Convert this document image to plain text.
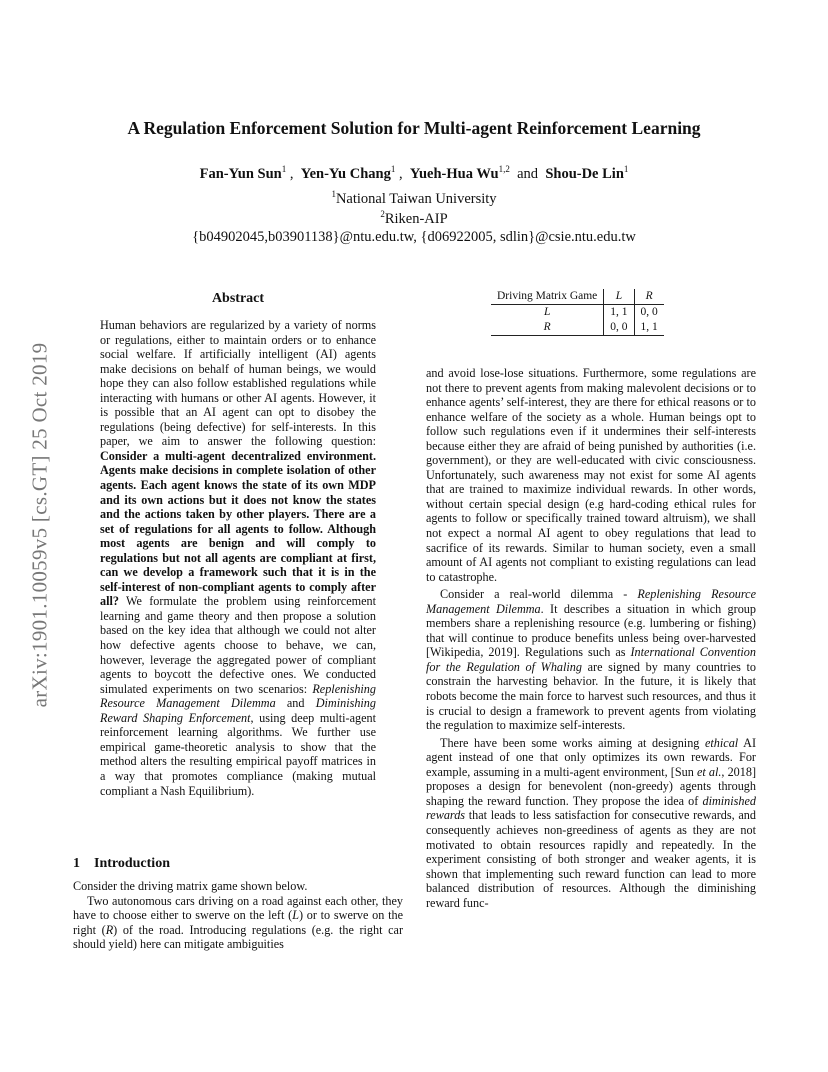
arXiv:1901.10059v5 [cs.GT] 25 Oct 2019
A Regulation Enforcement Solution for Multi-agent Reinforcement Learning
Fan-Yun Sun$^1$ ,  Yen-Yu Chang$^1$ ,  Yueh-Hua Wu$^{1,2}$ and Shou-De Lin$^1$
$^1$National Taiwan University
$^2$Riken-AIP
{b04902045,b03901138}@ntu.edu.tw, {d06922005, sdlin}@csie.ntu.edu.tw
Abstract

Human behaviors are regularized by a variety of norms or regulations, either to maintain orders or to enhance social welfare. If artificially intelligent (AI) agents make decisions on behalf of human beings, we would hope they can also follow established regulations while interacting with humans or other AI agents. However, it is possible that an AI agent can opt to disobey the regulations (being defective) for self-interests. In this paper, we aim to answer the following question: Consider a multi-agent decentralized environment. Agents make decisions in complete isolation of other agents. Each agent knows the state of its own MDP and its own actions but it does not know the states and the actions taken by other players. There are a set of regulations for all agents to follow. Although most agents are benign and will comply to regulations but not all agents are compliant at first, can we develop a framework such that it is in the self-interest of non-compliant agents to comply after all? We formulate the problem using reinforcement learning and game theory and then propose a solution based on the key idea that although we could not alter how defective agents choose to behave, we can, however, leverage the aggregated power of compliant agents to boycott the defective ones. We conducted simulated experiments on two scenarios: Replenishing Resource Management Dilemma and Diminishing Reward Shaping Enforcement, using deep multi-agent reinforcement learning algorithms. We further use empirical game-theoretic analysis to show that the method alters the resulting empirical payoff matrices in a way that promotes compliance (making mutual compliant a Nash Equilibrium).

1 Introduction

Consider the driving matrix game shown below.

Two autonomous cars driving on a road against each other, they have to choose either to swerve on the left (L) or to swerve on the right (R) of the road. Introducing regulations (e.g. the right car should yield) here can mitigate ambiguities

Driving Matrix Game	L	R
L	1, 1	0, 0
R	0, 0	1, 1

and avoid lose-lose situations. Furthermore, some regulations are not there to prevent agents from making malevolent decisions or to enhance agents’ self-interest, they are there for ethical reasons or to enhance welfare of the society as a whole. Human beings opt to follow such regulations even if it undermines their self-interests because either they are afraid of being punished by authorities (i.e. government), or they are well-educated with civic consciousness. Unfortunately, such awareness may not exist for some AI agents that are trained to maximize individual rewards. In other words, without certain special design (e.g hard-coding ethical rules for agents to follow or specifically trained toward altruism), we shall not expect a normal AI agent to obey regulations that lead to sacrifice of its rewards. Similar to human society, even a small amount of AI agents not compliant to existing regulations can lead to catastrophe.

Consider a real-world dilemma - Replenishing Resource Management Dilemma. It describes a situation in which group members share a replenishing resource (e.g. lumbering or fishing) that will continue to produce benefits unless being over-harvested [Wikipedia, 2019]. Regulations such as International Convention for the Regulation of Whaling are signed by many countries to constrain the harvesting behavior. In the future, it is likely that robots become the main force to harvest such resources, and thus it is crucial to design a framework to prevent agents from violating the regulation to maximize self-interests.

There have been some works aiming at designing ethical AI agent instead of one that only optimizes its own rewards. For example, assuming in a multi-agent environment, [Sun et al., 2018] proposes a design for benevolent (non-greedy) agents through shaping the reward function. They propose the idea of diminished rewards that leads to less satisfaction for consecutive rewards, and consequently achieves non-greediness of agents as they are not motivated to obtain resources rapidly and repeatedly. In the experiment consisting of both stronger and weaker agents, it is shown that implementing such reward function can lead to more balanced distribution of resources. Although the diminishing reward func-
